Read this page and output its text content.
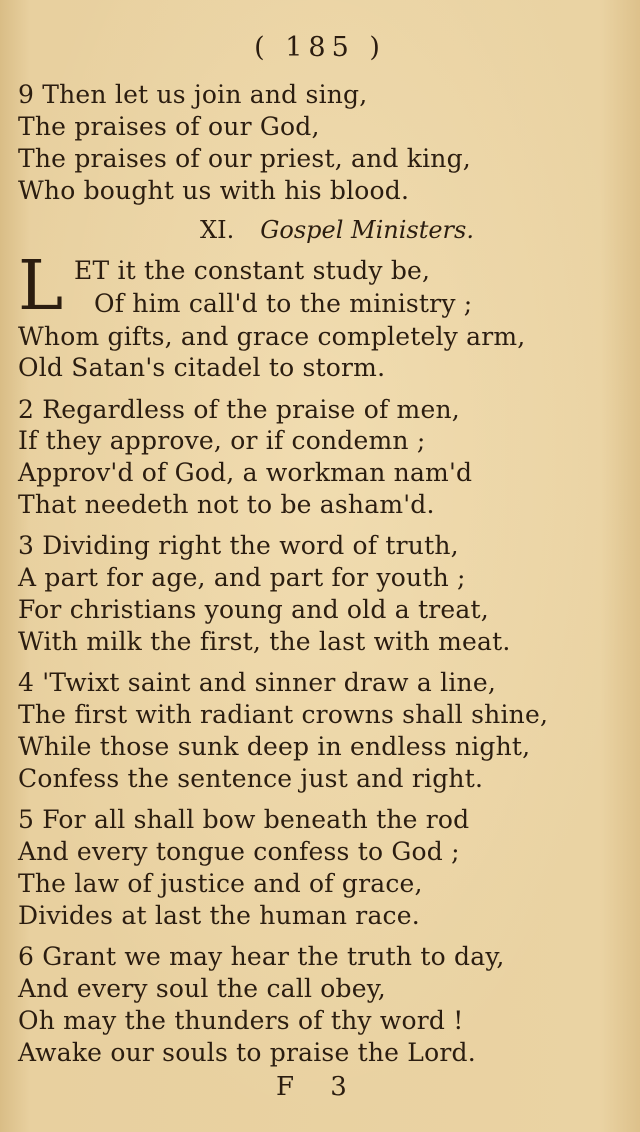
( 185 )
9 Then let us join and sing,
The praises of our God,
The praises of our priest, and king,
Who bought us with his blood.
XI. Gospel Ministers.
L ET it the constant study be,
Of him call'd to the ministry ;
Whom gifts, and grace completely arm,
Old Satan's citadel to storm.
2 Regardless of the praise of men,
If they approve, or if condemn ;
Approv'd of God, a workman nam'd
That needeth not to be asham'd.
3 Dividing right the word of truth,
A part for age, and part for youth ;
For christians young and old a treat,
With milk the first, the last with meat.
4 'Twixt saint and sinner draw a line,
The first with radiant crowns shall shine,
While those sunk deep in endless night,
Confess the sentence just and right.
5 For all shall bow beneath the rod
And every tongue confess to God ;
The law of justice and of grace,
Divides at last the human race.
6 Grant we may hear the truth to day,
And every soul the call obey,
Oh may the thunders of thy word !
Awake our souls to praise the Lord.
F 3
